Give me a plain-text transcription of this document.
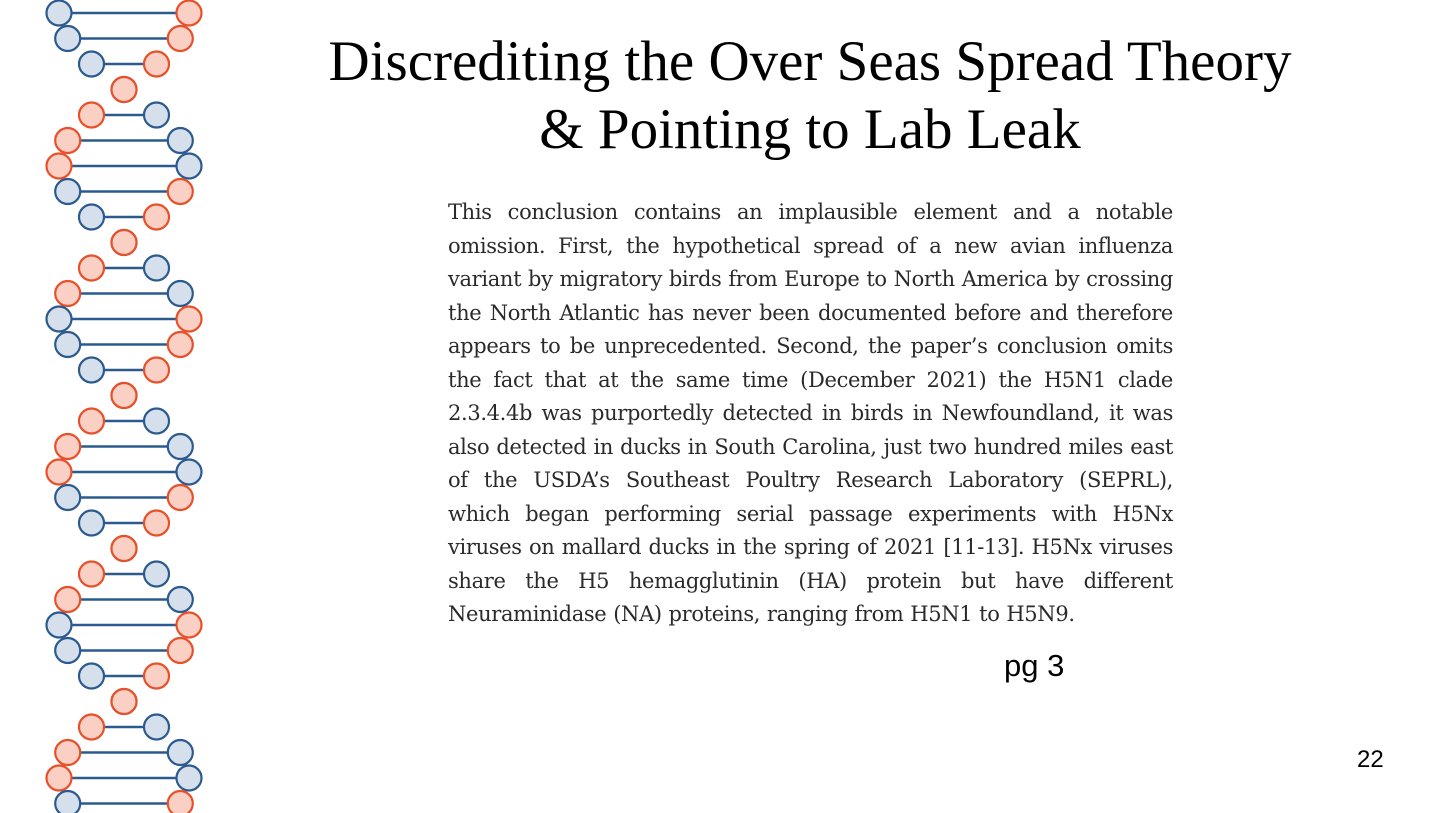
Discrediting the Over Seas Spread Theory
& Pointing to Lab Leak

This conclusion contains an implausible element and a notable omission. First, the hypothetical spread of a new avian influenza variant by migratory birds from Europe to North America by crossing the North Atlantic has never been documented before and therefore appears to be unprecedented. Second, the paper’s conclusion omits the fact that at the same time (December 2021) the H5N1 clade 2.3.4.4b was purportedly detected in birds in Newfoundland, it was also detected in ducks in South Carolina, just two hundred miles east of the USDA’s Southeast Poultry Research Laboratory (SEPRL), which began performing serial passage experiments with H5Nx viruses on mallard ducks in the spring of 2021 [11-13]. H5Nx viruses share the H5 hemagglutinin (HA) protein but have different Neuraminidase (NA) proteins, ranging from H5N1 to H5N9.

pg 3
22
